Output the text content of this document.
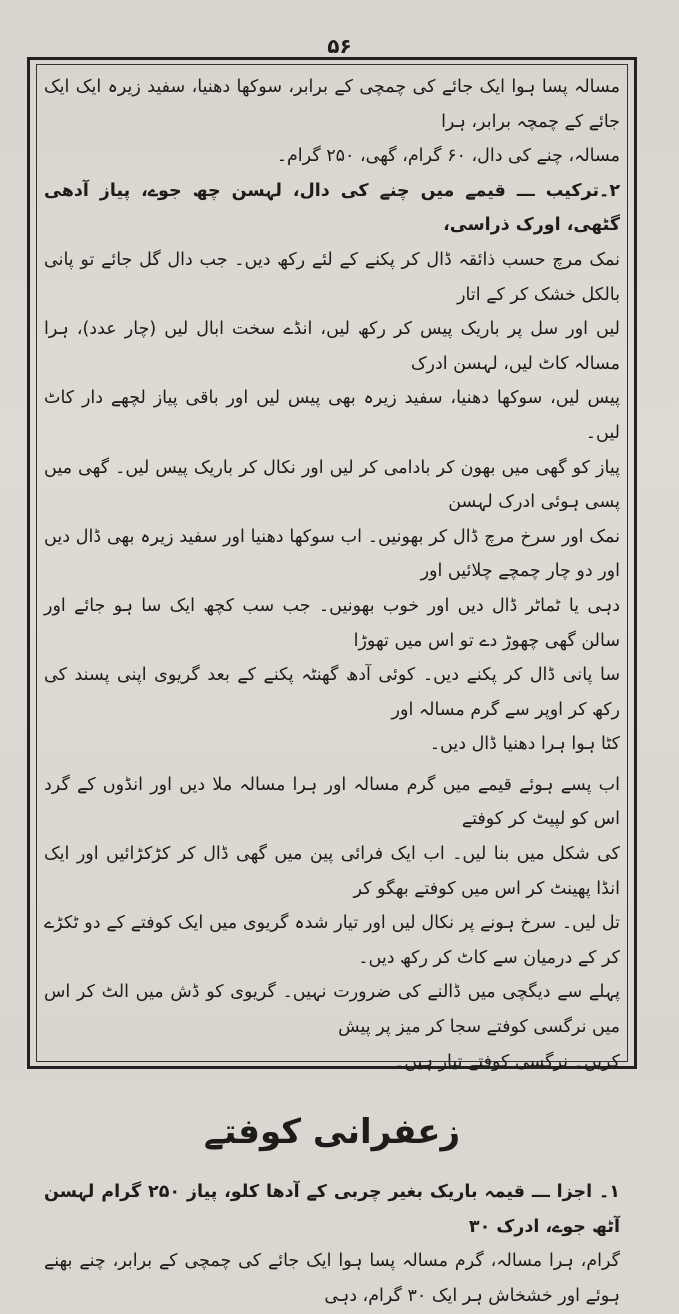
۵۶

مسالہ پسا ہوا ایک جائے کی چمچی کے برابر، سوکھا دھنیا، سفید زیرہ ایک ایک جائے کے چمچہ برابر، ہرا

مسالہ، چنے کی دال، ۶۰ گرام، گھی، ۲۵۰ گرام۔

۲۔ترکیب ـــ قیمے میں چنے کی دال، لہسن چھ جوے، پیاز آدھی گٹھی، اورک ذراسی،

نمک مرچ حسب ذائقہ ڈال کر پکنے کے لئے رکھ دیں۔ جب دال گل جائے تو پانی بالکل خشک کر کے اتار

لیں اور سل پر باریک پیس کر رکھ لیں، انڈے سخت ابال لیں (چار عدد)، ہرا مسالہ کاٹ لیں، لہسن ادرک

پیس لیں، سوکھا دھنیا، سفید زیرہ بھی پیس لیں اور باقی پیاز لچھے دار کاٹ لیں۔

پیاز کو گھی میں بھون کر بادامی کر لیں اور نکال کر باریک پیس لیں۔ گھی میں پسی ہوئی ادرک لہسن

نمک اور سرخ مرچ ڈال کر بھونیں۔ اب سوکھا دھنیا اور سفید زیرہ بھی ڈال دیں اور دو چار چمچے چلائیں اور

دہی یا ٹماٹر ڈال دیں اور خوب بھونیں۔ جب سب کچھ ایک سا ہو جائے اور سالن گھی چھوڑ دے تو اس میں تھوڑا

سا پانی ڈال کر پکنے دیں۔ کوئی آدھ گھنٹہ پکنے کے بعد گریوی اپنی پسند کی رکھ کر اوپر سے گرم مسالہ اور

کٹا ہوا ہرا دھنیا ڈال دیں۔

اب پسے ہوئے قیمے میں گرم مسالہ اور ہرا مسالہ ملا دیں اور انڈوں کے گرد اس کو لپیٹ کر کوفتے

کی شکل میں بنا لیں۔ اب ایک فرائی پین میں گھی ڈال کر کڑکڑائیں اور ایک انڈا پھینٹ کر اس میں کوفتے بھگو کر

تل لیں۔ سرخ ہونے پر نکال لیں اور تیار شدہ گریوی میں ایک کوفتے کے دو ٹکڑے کر کے درمیان سے کاٹ کر رکھ دیں۔

پہلے سے دیگچی میں ڈالنے کی ضرورت نہیں۔ گریوی کو ڈش میں الٹ کر اس میں نرگسی کوفتے سجا کر میز پر پیش

کریں۔ نرگسی کوفتے تیار ہیں۔

زعفرانی کوفتے

۱۔ اجزا ـــ قیمہ باریک بغیر چربی کے آدھا کلو، پیاز ۲۵۰ گرام لہسن آٹھ جوے، ادرک ۳۰

گرام، ہرا مسالہ، گرم مسالہ پسا ہوا ایک جائے کی چمچی کے برابر، چنے بھنے ہوئے اور خشخاش ہر ایک ۳۰ گرام، دہی
